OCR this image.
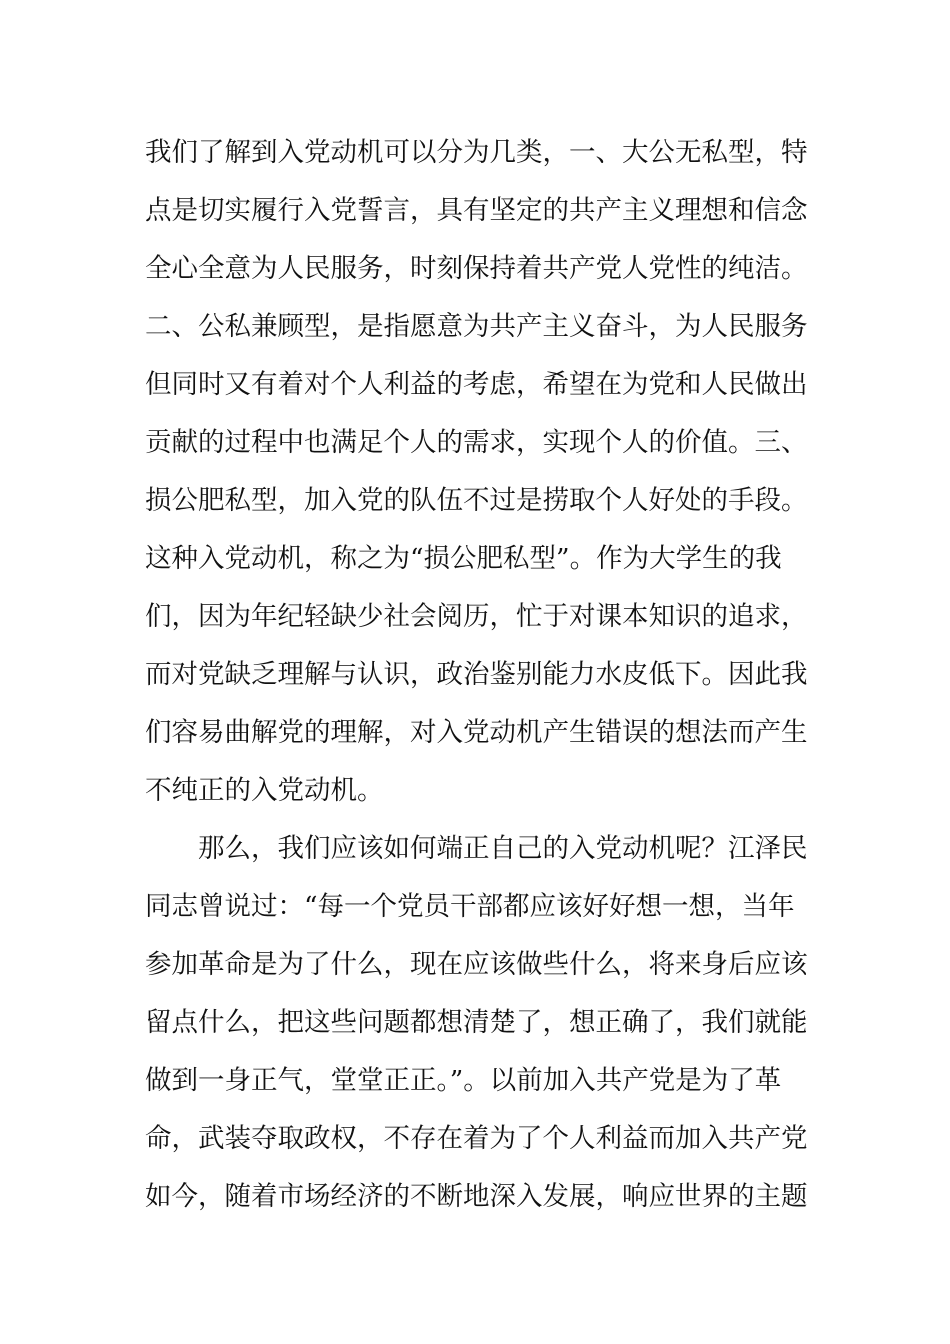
我们了解到入党动机可以分为几类，一、大公无私型，特
点是切实履行入党誓言，具有坚定的共产主义理想和信念
全心全意为人民服务，时刻保持着共产党人党性的纯洁。
二、公私兼顾型，是指愿意为共产主义奋斗，为人民服务
但同时又有着对个人利益的考虑，希望在为党和人民做出
贡献的过程中也满足个人的需求，实现个人的价值。三、
损公肥私型，加入党的队伍不过是捞取个人好处的手段。
这种入党动机，称之为“损公肥私型”。作为大学生的我
们，因为年纪轻缺少社会阅历，忙于对课本知识的追求，
而对党缺乏理解与认识，政治鉴别能力水皮低下。因此我
们容易曲解党的理解，对入党动机产生错误的想法而产生
不纯正的入党动机。
那么，我们应该如何端正自己的入党动机呢？江泽民
同志曾说过：“每一个党员干部都应该好好想一想，当年
参加革命是为了什么，现在应该做些什么，将来身后应该
留点什么，把这些问题都想清楚了，想正确了，我们就能
做到一身正气，堂堂正正。”。以前加入共产党是为了革
命，武装夺取政权，不存在着为了个人利益而加入共产党
如今，随着市场经济的不断地深入发展，响应世界的主题
